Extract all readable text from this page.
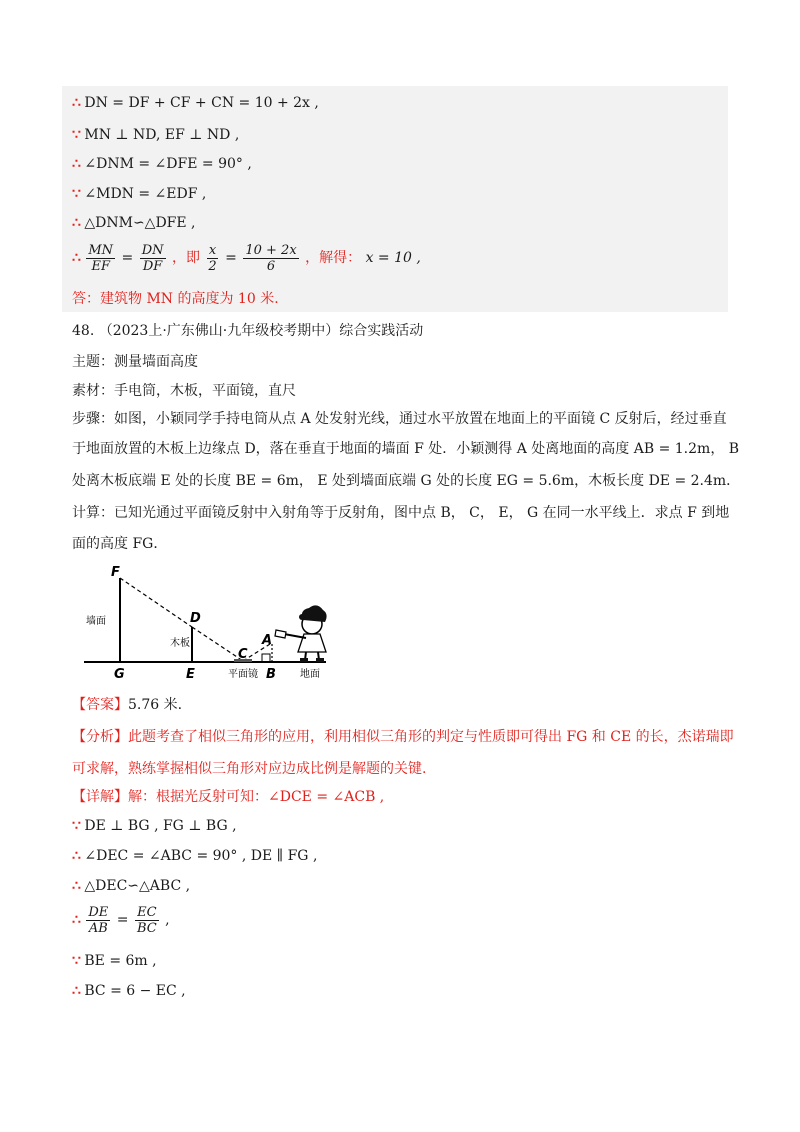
∴ DN = DF + CF + CN = 10 + 2x ,
∵ MN ⊥ ND, EF ⊥ ND ,
∴ ∠DNM = ∠DFE = 90° ,
∵ ∠MDN = ∠EDF ,
∴ △DNM∽△DFE ,
∴ $\frac{MN}{EF} = \frac{DN}{DF}$ ，即 $\frac{x}{2} = \frac{10 + 2x}{6}$ ，解得： x = 10 ,
答：建筑物 MN 的高度为 10 米.
48. （2023上·广东佛山·九年级校考期中）综合实践活动
主题：测量墙面高度
素材：手电筒，木板，平面镜，直尺
步骤：如图，小颖同学手持电筒从点 A 处发射光线，通过水平放置在地面上的平面镜 C 反射后，经过垂直
于地面放置的木板上边缘点 D，落在垂直于地面的墙面 F 处．小颖测得 A 处离地面的高度 AB = 1.2m， B
处离木板底端 E 处的长度 BE = 6m， E 处到墙面底端 G 处的长度 EG = 5.6m，木板长度 DE = 2.4m．
计算：已知光通过平面镜反射中入射角等于反射角，图中点 B， C， E， G 在同一水平线上．求点 F 到地
面的高度 FG．
F
D
A
C
G	E	B
墙面
木板
平面镜	地面
【答案】5.76 米.
【分析】此题考查了相似三角形的应用，利用相似三角形的判定与性质即可得出 FG 和 CE 的长，杰诺瑞即
可求解，熟练掌握相似三角形对应边成比例是解题的关键.
【详解】解：根据光反射可知：∠DCE = ∠ACB ,
∵ DE ⊥ BG , FG ⊥ BG ,
∴ ∠DEC = ∠ABC = 90° , DE ∥ FG ,
∴ △DEC∽△ABC ,
∴ $\frac{DE}{AB} = \frac{EC}{BC}$ ,
∵ BE = 6m ,
∴ BC = 6 − EC ,
